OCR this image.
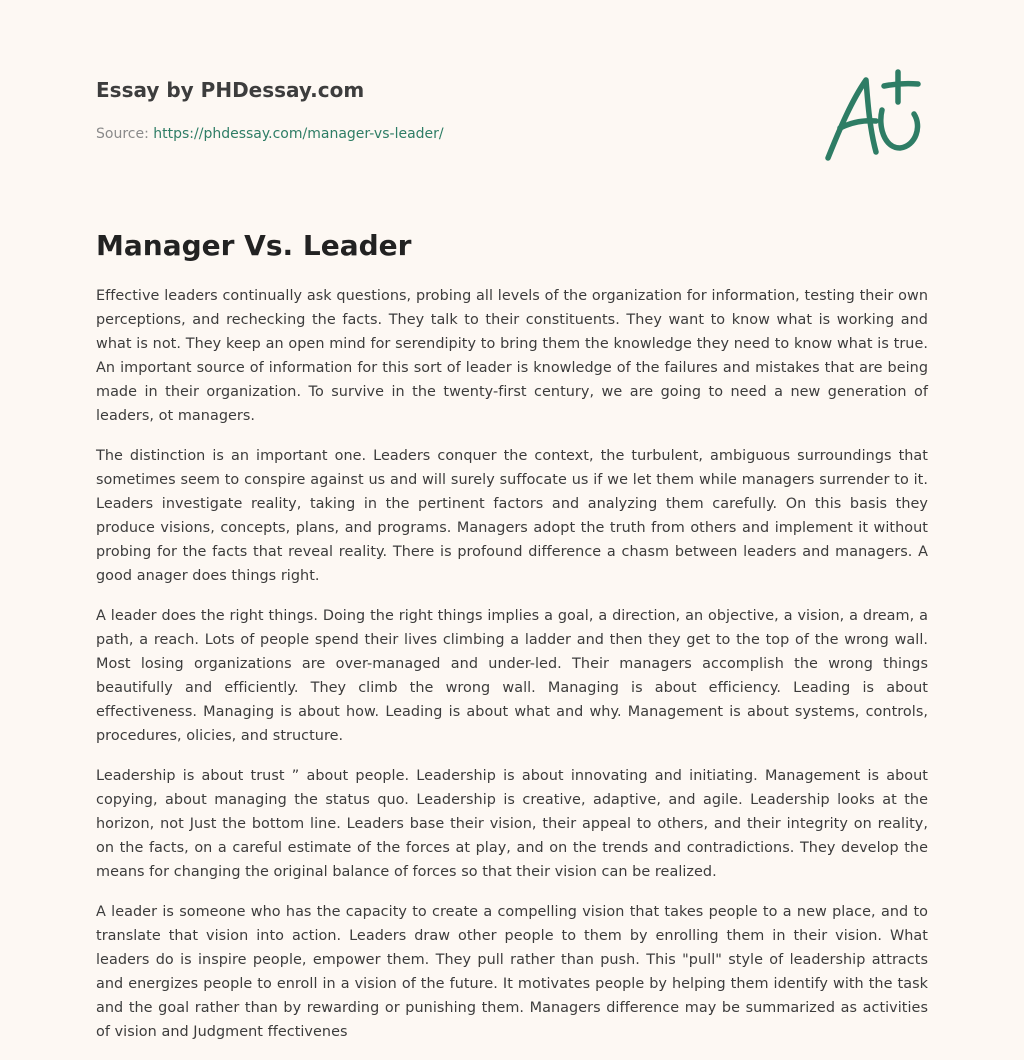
Essay by PHDessay.com
Source: https://phdessay.com/manager-vs-leader/
Manager Vs. Leader

Effective leaders continually ask questions, probing all levels of the organization for information, testing their own perceptions, and rechecking the facts. They talk to their constituents. They want to know what is working and what is not. They keep an open mind for serendipity to bring them the knowledge they need to know what is true. An important source of information for this sort of leader is knowledge of the failures and mistakes that are being made in their organization. To survive in the twenty-first century, we are going to need a new generation of leaders, ot managers.

The distinction is an important one. Leaders conquer the context, the turbulent, ambiguous surroundings that sometimes seem to conspire against us and will surely suffocate us if we let them while managers surrender to it. Leaders investigate reality, taking in the pertinent factors and analyzing them carefully. On this basis they produce visions, concepts, plans, and programs. Managers adopt the truth from others and implement it without probing for the facts that reveal reality. There is profound difference a chasm between leaders and managers. A good anager does things right.

A leader does the right things. Doing the right things implies a goal, a direction, an objective, a vision, a dream, a path, a reach. Lots of people spend their lives climbing a ladder and then they get to the top of the wrong wall. Most losing organizations are over-managed and under-led. Their managers accomplish the wrong things beautifully and efficiently. They climb the wrong wall. Managing is about efficiency. Leading is about effectiveness. Managing is about how. Leading is about what and why. Management is about systems, controls, procedures, olicies, and structure.

Leadership is about trust ” about people. Leadership is about innovating and initiating. Management is about copying, about managing the status quo. Leadership is creative, adaptive, and agile. Leadership looks at the horizon, not Just the bottom line. Leaders base their vision, their appeal to others, and their integrity on reality, on the facts, on a careful estimate of the forces at play, and on the trends and contradictions. They develop the means for changing the original balance of forces so that their vision can be realized.

A leader is someone who has the capacity to create a compelling vision that takes people to a new place, and to translate that vision into action. Leaders draw other people to them by enrolling them in their vision. What leaders do is inspire people, empower them. They pull rather than push. This "pull" style of leadership attracts and energizes people to enroll in a vision of the future. It motivates people by helping them identify with the task and the goal rather than by rewarding or punishing them. Managers difference may be summarized as activities of vision and Judgment ffectivenes
